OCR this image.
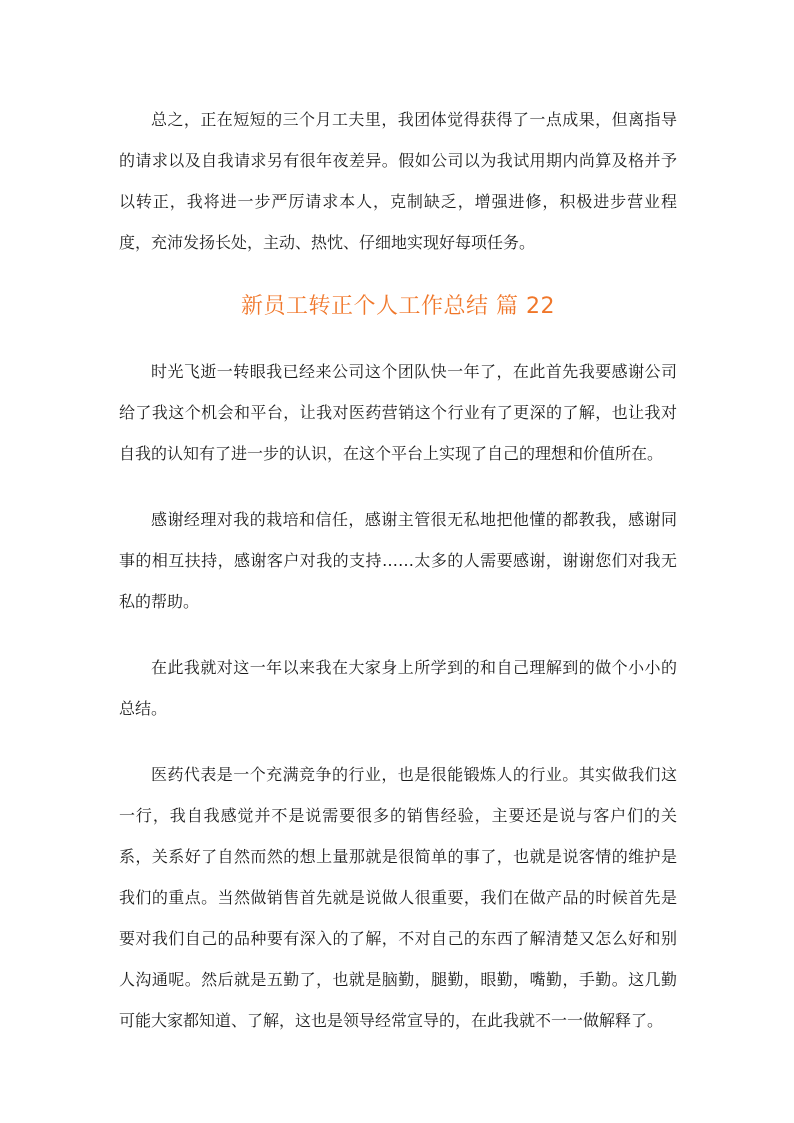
总之，正在短短的三个月工夫里，我团体觉得获得了一点成果，但离指导的请求以及自我请求另有很年夜差异。假如公司以为我试用期内尚算及格并予以转正，我将进一步严厉请求本人，克制缺乏，增强进修，积极进步营业程度，充沛发扬长处，主动、热忱、仔细地实现好每项任务。

新员工转正个人工作总结 篇 22

时光飞逝一转眼我已经来公司这个团队快一年了，在此首先我要感谢公司给了我这个机会和平台，让我对医药营销这个行业有了更深的了解，也让我对自我的认知有了进一步的认识，在这个平台上实现了自己的理想和价值所在。

感谢经理对我的栽培和信任，感谢主管很无私地把他懂的都教我，感谢同事的相互扶持，感谢客户对我的支持……太多的人需要感谢，谢谢您们对我无私的帮助。

在此我就对这一年以来我在大家身上所学到的和自己理解到的做个小小的总结。

医药代表是一个充满竞争的行业，也是很能锻炼人的行业。其实做我们这一行，我自我感觉并不是说需要很多的销售经验，主要还是说与客户们的关系，关系好了自然而然的想上量那就是很简单的事了，也就是说客情的维护是我们的重点。当然做销售首先就是说做人很重要，我们在做产品的时候首先是要对我们自己的品种要有深入的了解，不对自己的东西了解清楚又怎么好和别人沟通呢。然后就是五勤了，也就是脑勤，腿勤，眼勤，嘴勤，手勤。这几勤可能大家都知道、了解，这也是领导经常宣导的，在此我就不一一做解释了。
